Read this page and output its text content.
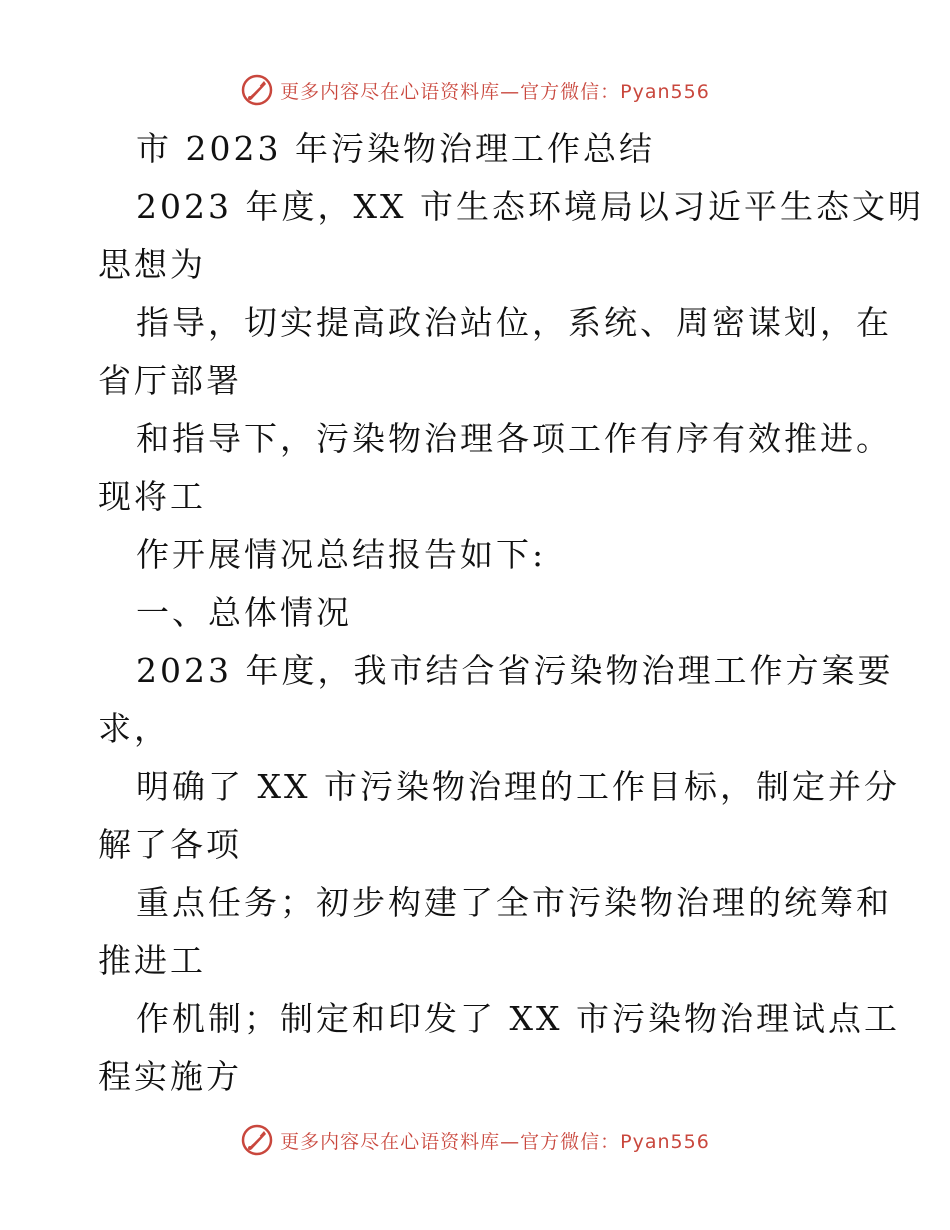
更多内容尽在心语资料库—官方微信：Pyan556
市 2023 年污染物治理工作总结
2023 年度，XX 市生态环境局以习近平生态文明
思想为
指导，切实提高政治站位，系统、周密谋划，在
省厅部署
和指导下，污染物治理各项工作有序有效推进。
现将工
作开展情况总结报告如下:
一、总体情况
2023 年度，我市结合省污染物治理工作方案要
求，
明确了 XX 市污染物治理的工作目标，制定并分
解了各项
重点任务；初步构建了全市污染物治理的统筹和
推进工
作机制；制定和印发了 XX 市污染物治理试点工
程实施方
更多内容尽在心语资料库—官方微信：Pyan556
